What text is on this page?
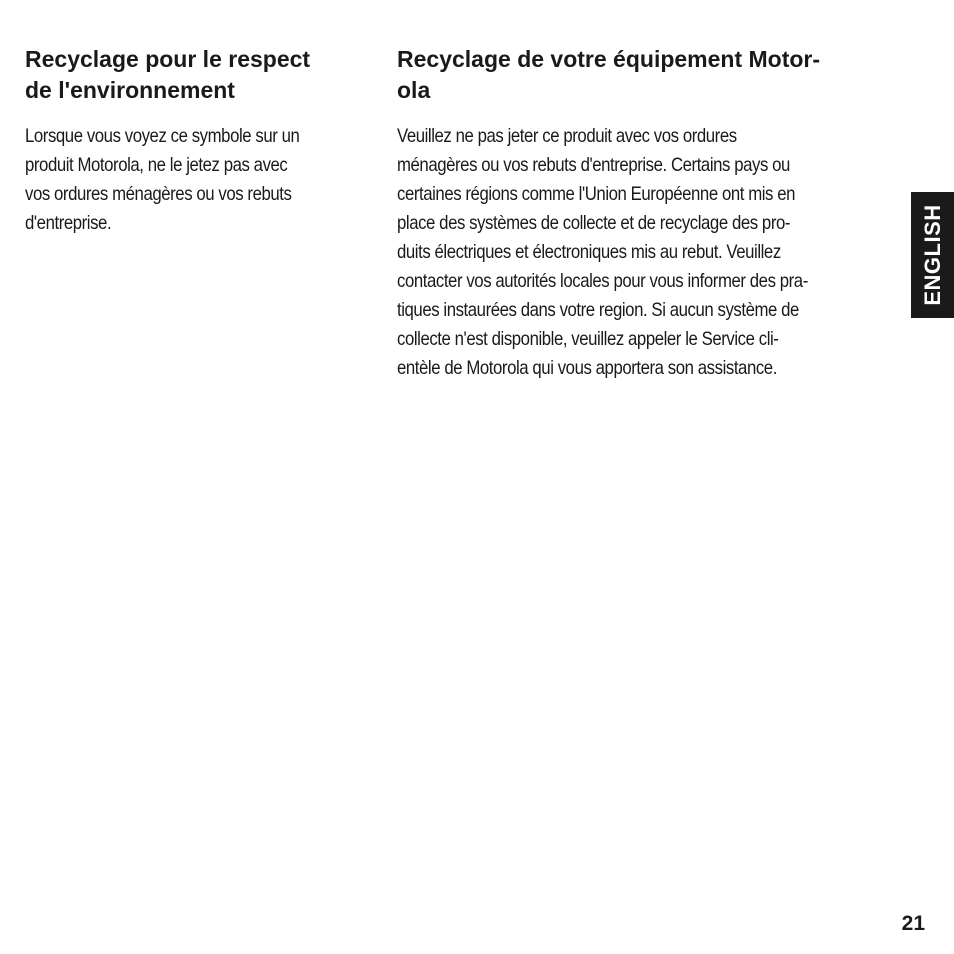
Recyclage pour le respect
de l'environnement
Lorsque vous voyez ce symbole sur un
produit Motorola, ne le jetez pas avec
vos ordures ménagères ou vos rebuts
d'entreprise.
Recyclage de votre équipement Motor-
ola
Veuillez ne pas jeter ce produit avec vos ordures
ménagères ou vos rebuts d'entreprise. Certains pays ou
certaines régions comme l'Union Européenne ont mis en
place des systèmes de collecte et de recyclage des pro-
duits électriques et électroniques mis au rebut. Veuillez
contacter vos autorités locales pour vous informer des pra-
tiques instaurées dans votre region. Si aucun système de
collecte n'est disponible, veuillez appeler le Service cli-
entèle de Motorola qui vous apportera son assistance.
ENGLISH
21
